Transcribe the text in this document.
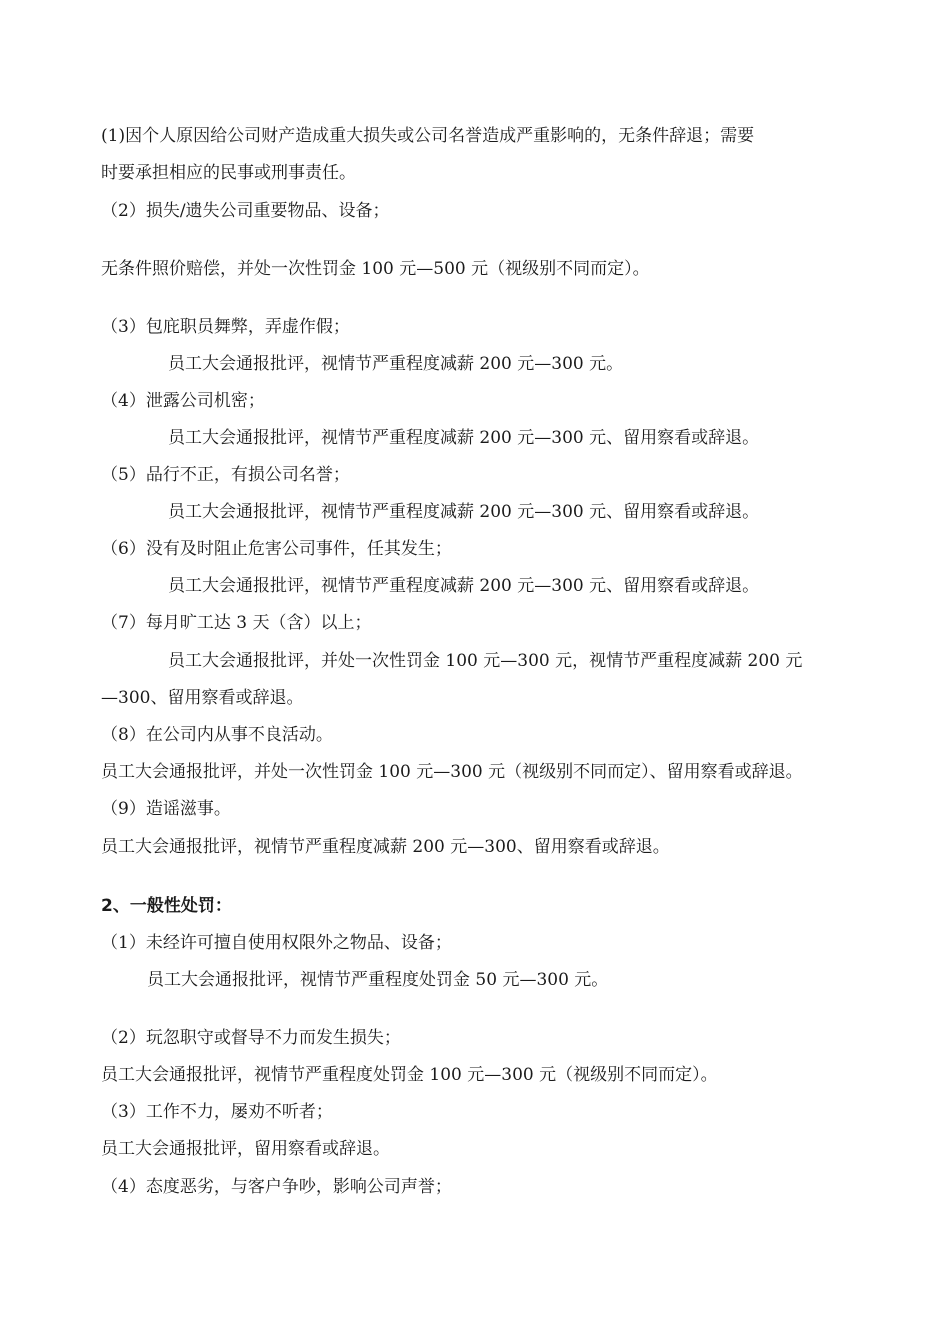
(1)因个人原因给公司财产造成重大损失或公司名誉造成严重影响的，无条件辞退；需要
时要承担相应的民事或刑事责任。
（2）损失/遗失公司重要物品、设备；
无条件照价赔偿，并处一次性罚金 100 元—500 元（视级别不同而定）。
（3）包庇职员舞弊，弄虚作假；
员工大会通报批评，视情节严重程度减薪 200 元—300 元。
（4）泄露公司机密；
员工大会通报批评，视情节严重程度减薪 200 元—300 元、留用察看或辞退。
（5）品行不正，有损公司名誉；
员工大会通报批评，视情节严重程度减薪 200 元—300 元、留用察看或辞退。
（6）没有及时阻止危害公司事件，任其发生；
员工大会通报批评，视情节严重程度减薪 200 元—300 元、留用察看或辞退。
（7）每月旷工达 3 天（含）以上；
员工大会通报批评，并处一次性罚金 100 元—300 元，视情节严重程度减薪 200 元
—300、留用察看或辞退。
（8）在公司内从事不良活动。
员工大会通报批评，并处一次性罚金 100 元—300 元（视级别不同而定）、留用察看或辞退。
（9）造谣滋事。
员工大会通报批评，视情节严重程度减薪 200 元—300、留用察看或辞退。
2、一般性处罚：
（1）未经许可擅自使用权限外之物品、设备；
员工大会通报批评，视情节严重程度处罚金 50 元—300 元。
（2）玩忽职守或督导不力而发生损失；
员工大会通报批评，视情节严重程度处罚金 100 元—300 元（视级别不同而定）。
（3）工作不力，屡劝不听者；
员工大会通报批评，留用察看或辞退。
（4）态度恶劣，与客户争吵，影响公司声誉；
